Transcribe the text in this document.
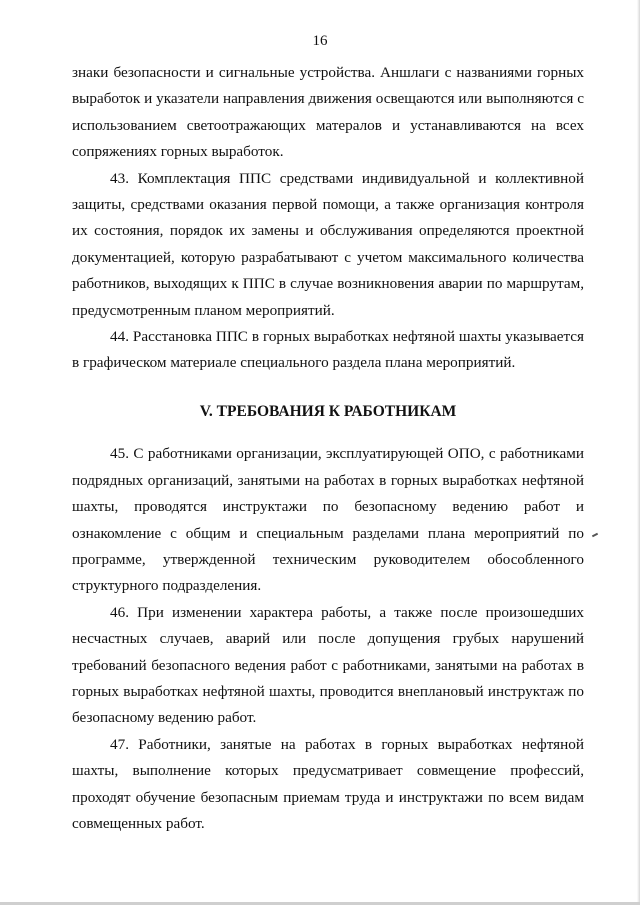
16

знаки безопасности и сигнальные устройства. Аншлаги с названиями горных выработок и указатели направления движения освещаются или выполняются с использованием светоотражающих матералов и устанавливаются на всех сопряжениях горных выработок.

43. Комплектация ППС средствами индивидуальной и коллективной защиты, средствами оказания первой помощи, а также организация контроля их состояния, порядок их замены и обслуживания определяются проектной документацией, которую разрабатывают с учетом максимального количества работников, выходящих к ППС в случае возникновения аварии по маршрутам, предусмотренным планом мероприятий.

44. Расстановка ППС в горных выработках нефтяной шахты указывается в графическом материале специального раздела плана мероприятий.

V. ТРЕБОВАНИЯ К РАБОТНИКАМ

45. С работниками организации, эксплуатирующей ОПО, с работниками подрядных организаций, занятыми на работах в горных выработках нефтяной шахты, проводятся инструктажи по безопасному ведению работ и ознакомление с общим и специальным разделами плана мероприятий по программе, утвержденной техническим руководителем обособленного структурного подразделения.

46. При изменении характера работы, а также после произошедших несчастных случаев, аварий или после допущения грубых нарушений требований безопасного ведения работ с работниками, занятыми на работах в горных выработках нефтяной шахты, проводится внеплановый инструктаж по безопасному ведению работ.

47. Работники, занятые на работах в горных выработках нефтяной шахты, выполнение которых предусматривает совмещение профессий, проходят обучение безопасным приемам труда и инструктажи по всем видам совмещенных работ.
